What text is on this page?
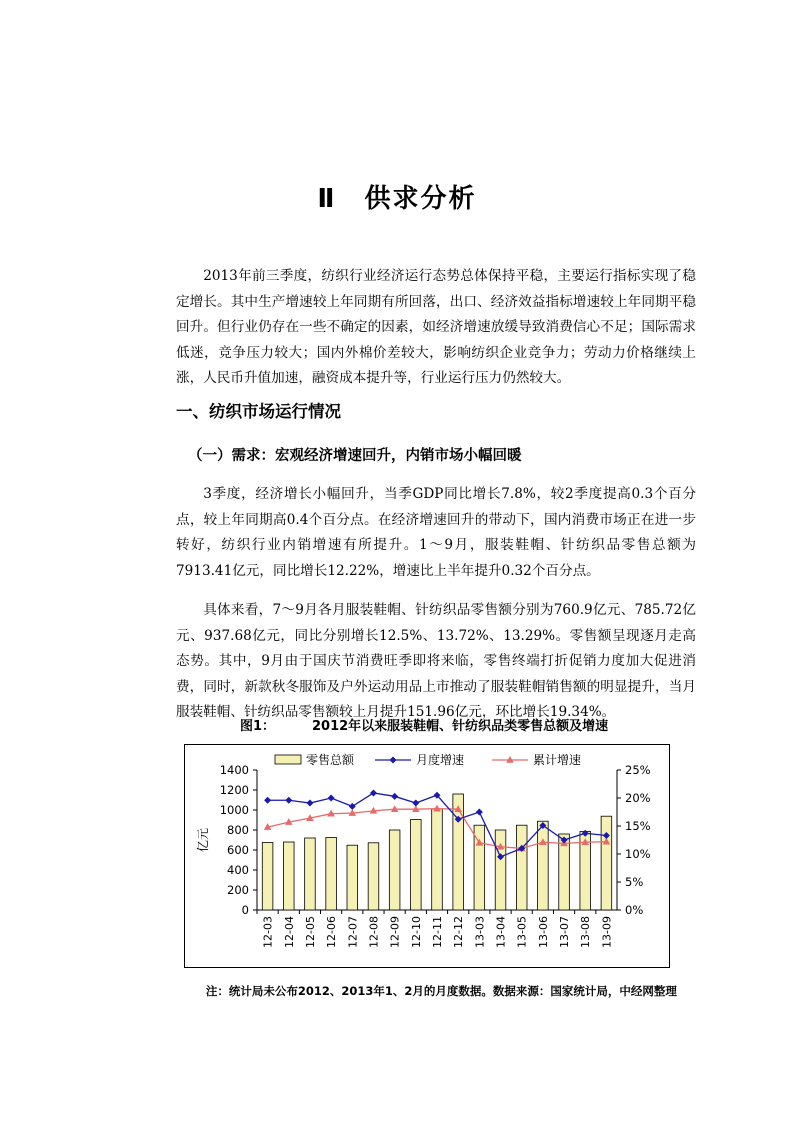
Ⅱ　供求分析

2013年前三季度，纺织行业经济运行态势总体保持平稳，主要运行指标实现了稳定增长。其中生产增速较上年同期有所回落，出口、经济效益指标增速较上年同期平稳回升。但行业仍存在一些不确定的因素，如经济增速放缓导致消费信心不足；国际需求低迷，竞争压力较大；国内外棉价差较大，影响纺织企业竞争力；劳动力价格继续上涨，人民币升值加速，融资成本提升等，行业运行压力仍然较大。

一、纺织市场运行情况
（一）需求：宏观经济增速回升，内销市场小幅回暖

3季度，经济增长小幅回升，当季GDP同比增长7.8%，较2季度提高0.3个百分点，较上年同期高0.4个百分点。在经济增速回升的带动下，国内消费市场正在进一步转好，纺织行业内销增速有所提升。1～9月，服装鞋帽、针纺织品零售总额为7913.41亿元，同比增长12.22%，增速比上半年提升0.32个百分点。

具体来看，7～9月各月服装鞋帽、针纺织品零售额分别为760.9亿元、785.72亿元、937.68亿元，同比分别增长12.5%、13.72%、13.29%。零售额呈现逐月走高态势。其中，9月由于国庆节消费旺季即将来临，零售终端打折促销力度加大促进消费，同时，新款秋冬服饰及户外运动用品上市推动了服装鞋帽销售额的明显提升，当月服装鞋帽、针纺织品零售额较上月提升151.96亿元，环比增长19.34%。

图1：	2012年以来服装鞋帽、针纺织品类零售总额及增速
0
200
400
600
800
1000
1200
1400
0%
5%
10%
15%
20%
25%
亿元
12-03 12-04 12-05 12-06 12-07 12-08 12-09 12-10 12-11 12-12 13-03 13-04 13-05 13-06 13-07 13-08 13-09
零售总额	月度增速	累计增速

注：统计局未公布2012、2013年1、2月的月度数据。数据来源：国家统计局，中经网整理
